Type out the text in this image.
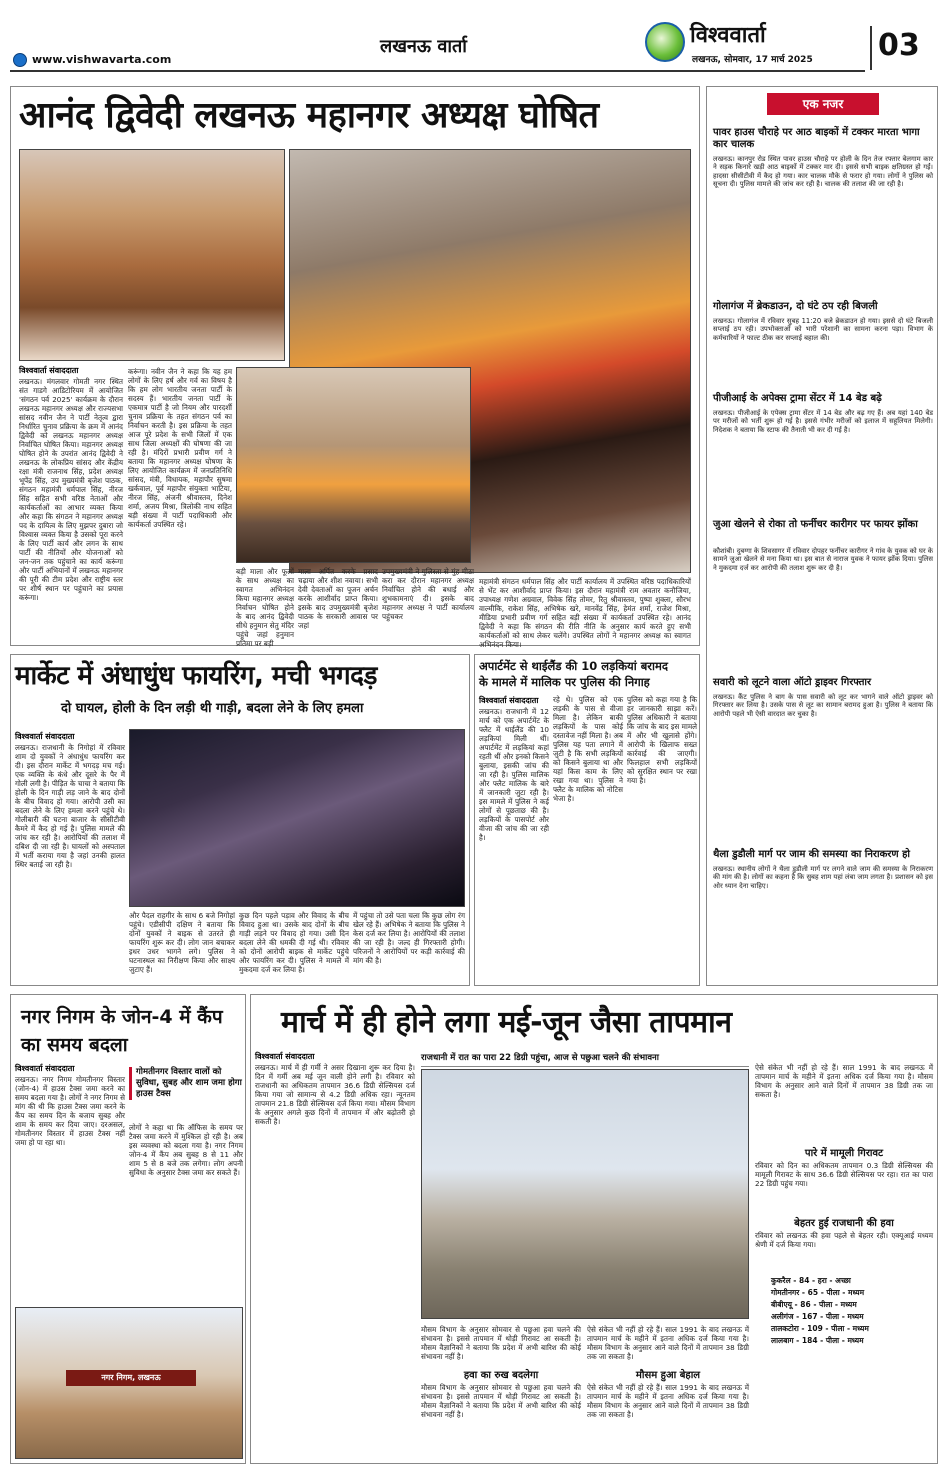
www.vishwavarta.com
लखनऊ वार्ता	विश्ववार्ता
लखनऊ, सोमवार, 17 मार्च 2025 03
आनंद द्विवेदी लखनऊ महानगर अध्यक्ष घोषित
विश्ववार्ता संवाददाता
लखनऊ। मंगलवार गोमती नगर स्थित संत गाडगे आडिटोरियम में आयोजित 'संगठन पर्व 2025' कार्यक्रम के दौरान लखनऊ महानगर अध्यक्ष और राज्यसभा सांसद नवीन जैन ने पार्टी नेतृत्व द्वारा निर्धारित चुनाव प्रक्रिया के क्रम में आनंद द्विवेदी को लखनऊ महानगर अध्यक्ष निर्वाचित घोषित किया। महानगर अध्यक्ष घोषित होने के उपरांत आनंद द्विवेदी ने लखनऊ के लोकप्रिय सांसद और केंद्रीय रक्षा मंत्री राजनाथ सिंह, प्रदेश अध्यक्ष भूपेंद्र सिंह, उप मुख्यमंत्री बृजेश पाठक, संगठन महामंत्री धर्मपाल सिंह, नीरज सिंह सहित सभी वरिष्ठ नेताओं और कार्यकर्ताओं का आभार व्यक्त किया और कहा कि संगठन ने महानगर अध्यक्ष पद के दायित्व के लिए मुझपर दुबारा जो विश्वास व्यक्त किया है उसको पूरा करने के लिए पार्टी कार्य और लगन के साथ पार्टी की नीतियों और योजनाओं को जन-जन तक पहुंचाने का कार्य करूंगा और पार्टी अभियानों में लखनऊ महानगर की पूरी की टीम प्रदेश और राष्ट्रीय स्तर पर शीर्ष स्थान पर पहुंचाने का प्रयास करूंगा।
करूंगा। नवीन जैन ने कहा कि यह हम लोगों के लिए हर्ष और गर्व का विषय है कि हम लोग भारतीय जनता पार्टी के सदस्य हैं। भारतीय जनता पार्टी के एकमात्र पार्टी है जो नियम और पारदर्शी चुनाव प्रक्रिया के तहत संगठन पर्व का निर्वाचन करती है। इस प्रक्रिया के तहत आज पूरे प्रदेश के सभी जिलों में एक साथ जिला अध्यक्षों की घोषणा की जा रही है। मंदिरों प्रभारी प्रवीण गर्ग ने बताया कि महानगर अध्यक्ष घोषणा के लिए आयोजित कार्यक्रम में जनप्रतिनिधि सांसद, मंत्री, विधायक, महापौर सुषमा खर्कवाल, पूर्व महापौर संयुक्ता भाटिया, नीरज सिंह, अंजनी श्रीवास्तव, दिनेश शर्मा, अजय मिश्रा, त्रिलोकी नाथ सहित बड़ी संख्या में पार्टी पदाधिकारी और कार्यकर्ता उपस्थित रहे।
बड़ी माला और फूलों के साथ अध्यक्ष का स्वागत अभिनंदन किया महानगर अध्यक्ष निर्वाचन घोषित होने के बाद आनंद द्विवेदी सीधे हनुमान सेतु मंदिर पहुंचे जहां हनुमान प्रतिमा पर बड़ी
माला अर्पित करके प्रसाद चढ़ाया और शीश नवाया। सभी देवी देवताओं का पूजन अर्चन करके आशीर्वाद प्राप्त किया। इसके बाद उपमुख्यमंत्री बृजेश पाठक के सरकारी आवास पर जहां
उपमुख्यमंत्री ने गुलिस्ता से मुंह मीठा करा कर दौरान महानगर अध्यक्ष निर्वाचित होने की बधाई और शुभकामनाएं दी। इसके बाद महानगर अध्यक्ष ने पार्टी कार्यालय पहुंचकर
महामंत्री संगठन धर्मपाल सिंह और पार्टी कार्यालय में उपस्थित वरिष्ठ पदाधिकारियों से भेंट कर आशीर्वाद प्राप्त किया। इस दौरान महामंत्री राम अवतार कनौजिया, उपाध्यक्ष गणेश अग्रवाल, विवेक सिंह तोमर, रितु श्रीवास्तव, पुष्पा शुक्ला, सौरभ वाल्मीकि, राकेश सिंह, अभिषेक खरे, मानवेंद्र सिंह, हेमंत शर्मा, राजेश मिश्रा, मीडिया प्रभारी प्रवीण गर्ग सहित बड़ी संख्या में कार्यकर्ता उपस्थित रहे। आनंद द्विवेदी ने कहा कि संगठन की रीति नीति के अनुसार कार्य करते हुए सभी कार्यकर्ताओं को साथ लेकर चलेंगे। उपस्थित लोगों ने महानगर अध्यक्ष का स्वागत अभिनंदन किया।
एक नजर
पावर हाउस चौराहे पर आठ बाइकों में टक्कर मारता भागा कार चालक
लखनऊ। कानपुर रोड स्थित पावर हाउस चौराहे पर होली के दिन तेज रफ्तार बेलगाम कार ने सड़क किनारे खड़ी आठ बाइकों में टक्कर मार दी। इससे सभी बाइक क्षतिग्रस्त हो गईं। हादसा सीसीटीवी में कैद हो गया। कार चालक मौके से फरार हो गया। लोगों ने पुलिस को सूचना दी। पुलिस मामले की जांच कर रही है। चालक की तलाश की जा रही है।
गोलागंज में ब्रेकडाउन, दो घंटे ठप रही बिजली
लखनऊ। गोलागंज में रविवार सुबह 11:20 बजे ब्रेकडाउन हो गया। इससे दो घंटे बिजली सप्लाई ठप रही। उपभोक्ताओं को भारी परेशानी का सामना करना पड़ा। विभाग के कर्मचारियों ने फाल्ट ठीक कर सप्लाई बहाल की।
पीजीआई के अपेक्स ट्रामा सेंटर में 14 बेड बढ़े
लखनऊ। पीजीआई के एपेक्स ट्रामा सेंटर में 14 बेड और बढ़ गए हैं। अब यहां 140 बेड पर मरीजों को भर्ती शुरू हो गई है। इससे गंभीर मरीजों को इलाज में सहूलियत मिलेगी। निदेशक ने बताया कि स्टाफ की तैनाती भी कर दी गई है।
जुआ खेलने से रोका तो फर्नीचर कारीगर पर फायर झोंका
कौशांबी। दुबग्गा के शिवसागर में रविवार दोपहर फर्नीचर कारीगर ने गांव के युवक को घर के सामने जुआ खेलने से मना किया था। इस बात से नाराज युवक ने फायर झोंक दिया। पुलिस ने मुकदमा दर्ज कर आरोपी की तलाश शुरू कर दी है।
सवारी को लूटने वाला ऑटो ड्राइवर गिरफ्तार
लखनऊ। कैंट पुलिस ने बाग के पास सवारी को लूट कर भागने वाले ऑटो ड्राइवर को गिरफ्तार कर लिया है। उसके पास से लूट का सामान बरामद हुआ है। पुलिस ने बताया कि आरोपी पहले भी ऐसी वारदात कर चुका है।
थैला डुडौली मार्ग पर जाम की समस्या का निराकरण हो
लखनऊ। स्थानीय लोगों ने थैला डुडौली मार्ग पर लगने वाले जाम की समस्या के निराकरण की मांग की है। लोगों का कहना है कि सुबह शाम यहां लंबा जाम लगता है। प्रशासन को इस ओर ध्यान देना चाहिए।
मार्केट में अंधाधुंध फायरिंग, मची भगदड़
दो घायल, होली के दिन लड़ी थी गाड़ी, बदला लेने के लिए हमला
विश्ववार्ता संवाददाता
लखनऊ। राजधानी के निगोहां में रविवार शाम दो युवकों ने अंधाधुंध फायरिंग कर दी। इस दौरान मार्केट में भगदड़ मच गई। एक व्यक्ति के कंधे और दूसरे के पैर में गोली लगी है। पीड़ित के चाचा ने बताया कि होली के दिन गाड़ी लड़ जाने के बाद दोनों के बीच विवाद हो गया। आरोपी उसी का बदला लेने के लिए हमला करने पहुंचे थे। गोलीबारी की घटना बाजार के सीसीटीवी कैमरे में कैद हो गई है। पुलिस मामले की जांच कर रही है। आरोपियों की तलाश में दबिश दी जा रही है। घायलों को अस्पताल में भर्ती कराया गया है जहां उनकी हालत स्थिर बताई जा रही है।
और पैदल राहगीर के साथ 6 बजे निगोहां पहुंचे। एडीसीपी दक्षिण ने बताया कि दोनों युवकों ने बाइक से उतरते ही फायरिंग शुरू कर दी। लोग जान बचाकर इधर उधर भागने लगे। पुलिस ने घटनास्थल का निरीक्षण किया और साक्ष्य जुटाए हैं।
कुछ दिन पहले पड़ाव और विवाद के बीच विवाद हुआ था। उसके बाद दोनों के बीच गाड़ी लड़ने पर विवाद हो गया। उसी दिन बदला लेने की धमकी दी गई थी। रविवार को दोनों आरोपी बाइक से मार्केट पहुंचे और फायरिंग कर दी। पुलिस ने मामले में मुकदमा दर्ज कर लिया है।
में पहुंचा तो उसे पता चला कि कुछ लोग रंग खेल रहे हैं। अभिषेक ने बताया कि पुलिस ने केस दर्ज कर लिया है। आरोपियों की तलाश की जा रही है। जल्द ही गिरफ्तारी होगी। परिजनों ने आरोपियों पर कड़ी कार्रवाई की मांग की है।
अपार्टमेंट से थाईलैंड की 10 लड़कियां बरामद
के मामले में मालिक पर पुलिस की निगाह
विश्ववार्ता संवाददाता
लखनऊ। राजधानी में 12 मार्च को एक अपार्टमेंट के फ्लैट में थाईलैंड की 10 लड़कियां मिली थीं। अपार्टमेंट में लड़कियां कहां रहती थीं और इनको किसने बुलाया, इसकी जांच की जा रही है। पुलिस मालिक और फ्लैट मालिक के बारे में जानकारी जुटा रही है। इस मामले में पुलिस ने कई लोगों से पूछताछ की है। लड़कियों के पासपोर्ट और वीजा की जांच की जा रही है।
रहे थे। पुलिस को एक लड़की के पास से वीजा मिला है। लेकिन बाकी लड़कियों के पास कोई दस्तावेज नहीं मिला है। अब पुलिस यह पता लगाने में जुटी है कि सभी लड़कियों को किसने बुलाया था और यहां किस काम के लिए रखा गया था। पुलिस ने फ्लैट के मालिक को नोटिस भेजा है।
पुलिस को कहा गया है कि हर जानकारी साझा करें। पुलिस अधिकारी ने बताया कि जांच के बाद इस मामले में और भी खुलासे होंगे। आरोपी के खिलाफ सख्त कार्रवाई की जाएगी। फिलहाल सभी लड़कियों को सुरक्षित स्थान पर रखा गया है।
नगर निगम के जोन-4 में कैंप का समय बदला
विश्ववार्ता संवाददाता
लखनऊ। नगर निगम गोमतीनगर विस्तार (जोन-4) में हाउस टैक्स जमा करने का समय बदला गया है। लोगों ने नगर निगम से मांग की थी कि हाउस टैक्स जमा करने के कैंप का समय दिन के बजाय सुबह और शाम के समय कर दिया जाए। दरअसल, गोमतीनगर विस्तार में हाउस टैक्स नहीं जमा हो पा रहा था।
गोमतीनगर विस्तार वालों को सुविधा, सुबह और शाम जमा होगा हाउस टैक्स
लोगों ने कहा था कि ऑफिस के समय पर टैक्स जमा करने में मुश्किल हो रही है। अब इस व्यवस्था को बदला गया है। नगर निगम जोन-4 में कैंप अब सुबह 8 से 11 और शाम 5 से 8 बजे तक लगेगा। लोग अपनी सुविधा के अनुसार टैक्स जमा कर सकते हैं।
नगर निगम, लखनऊ
मार्च में ही होने लगा मई-जून जैसा तापमान
विश्ववार्ता संवाददाता
लखनऊ। मार्च में ही गर्मी ने असर दिखाना शुरू कर दिया है। दिन में गर्मी अब मई जून वाली होने लगी है। रविवार को राजधानी का अधिकतम तापमान 36.6 डिग्री सेल्सियस दर्ज किया गया जो सामान्य से 4.2 डिग्री अधिक रहा। न्यूनतम तापमान 21.8 डिग्री सेल्सियस दर्ज किया गया। मौसम विभाग के अनुसार अगले कुछ दिनों में तापमान में और बढ़ोतरी हो सकती है।
राजधानी में रात का पारा 22 डिग्री पहुंचा, आज से पछुआ चलने की संभावना
मौसम विभाग के अनुसार सोमवार से पछुआ हवा चलने की संभावना है। इससे तापमान में थोड़ी गिरावट आ सकती है। मौसम वैज्ञानिकों ने बताया कि प्रदेश में अभी बारिश की कोई संभावना नहीं है।
हवा का रुख बदलेगा
मौसम विभाग के अनुसार सोमवार से पछुआ हवा चलने की संभावना है। इससे तापमान में थोड़ी गिरावट आ सकती है। मौसम वैज्ञानिकों ने बताया कि प्रदेश में अभी बारिश की कोई संभावना नहीं है।
ऐसे संकेत भी नहीं हो रहे हैं। साल 1991 के बाद लखनऊ में तापमान मार्च के महीने में इतना अधिक दर्ज किया गया है। मौसम विभाग के अनुसार आने वाले दिनों में तापमान 38 डिग्री तक जा सकता है।
मौसम हुआ बेहाल
ऐसे संकेत भी नहीं हो रहे हैं। साल 1991 के बाद लखनऊ में तापमान मार्च के महीने में इतना अधिक दर्ज किया गया है। मौसम विभाग के अनुसार आने वाले दिनों में तापमान 38 डिग्री तक जा सकता है।
ऐसे संकेत भी नहीं हो रहे हैं। साल 1991 के बाद लखनऊ में तापमान मार्च के महीने में इतना अधिक दर्ज किया गया है। मौसम विभाग के अनुसार आने वाले दिनों में तापमान 38 डिग्री तक जा सकता है।
पारे में मामूली गिरावट
रविवार को दिन का अधिकतम तापमान 0.3 डिग्री सेल्सियस की मामूली गिरावट के साथ 36.6 डिग्री सेल्सियस पर रहा। रात का पारा 22 डिग्री पहुंच गया।
बेहतर हुई राजधानी की हवा
रविवार को लखनऊ की हवा पहले से बेहतर रही। एक्यूआई मध्यम श्रेणी में दर्ज किया गया।
कुकरैल - 84 - हरा - अच्छा
गोमतीनगर - 65 - पीला - मध्यम
बीबीएयू - 86 - पीला - मध्यम
अलीगंज - 167 - पीला - मध्यम
तालकटोरा - 109 - पीला - मध्यम
लालबाग - 184 - पीला - मध्यम
